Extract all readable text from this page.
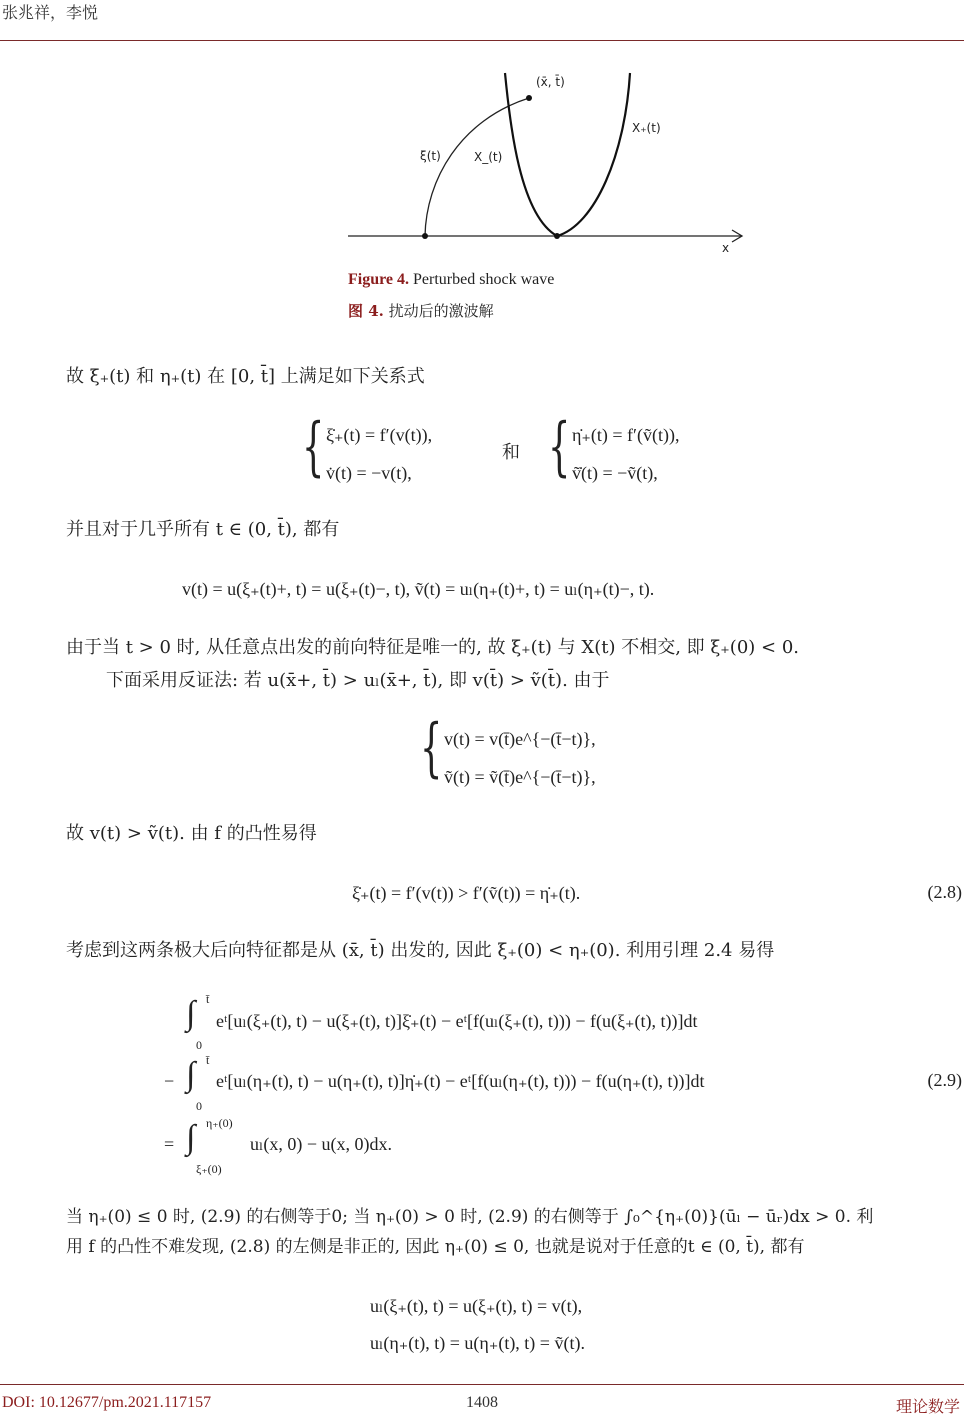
张兆祥，李悦
(x̄, t̄)
ξ(t)	X_(t)
X₊(t)
x
Figure 4. Perturbed shock wave
图 4. 扰动后的激波解
故 ξ₊(t) 和 η₊(t) 在 [0, t̄] 上满足如下关系式
{ ξ̇₊(t) = f′(v(t)),
v̇(t) = −v(t),
和 { η̇₊(t) = f′(ṽ(t)),
ṽ̇(t) = −ṽ(t),
并且对于几乎所有 t ∈ (0, t̄), 都有
v(t) = u(ξ₊(t)+, t) = u(ξ₊(t)−, t), ṽ(t) = uₗ(η₊(t)+, t) = uₗ(η₊(t)−, t).
由于当 t > 0 时, 从任意点出发的前向特征是唯一的, 故 ξ₊(t) 与 X(t) 不相交, 即 ξ₊(0) < 0.
下面采用反证法: 若 u(x̄+, t̄) > uₗ(x̄+, t̄), 即 v(t̄) > ṽ(t̄). 由于
{ v(t) = v(t̄)e^{−(t̄−t)},
ṽ(t) = ṽ(t̄)e^{−(t̄−t)},
故 v(t) > ṽ(t). 由 f 的凸性易得
ξ̇₊(t) = f′(v(t)) > f′(ṽ(t)) = η̇₊(t).	(2.8)
考虑到这两条极大后向特征都是从 (x̄, t̄) 出发的, 因此 ξ₊(0) < η₊(0). 利用引理 2.4 易得
∫ t̄
0
eᵗ[uₗ(ξ₊(t), t) − u(ξ₊(t), t)]ξ̇₊(t) − eᵗ[f(uₗ(ξ₊(t), t))) − f(u(ξ₊(t), t))]dt
− ∫ t̄
0
eᵗ[uₗ(η₊(t), t) − u(η₊(t), t)]η̇₊(t) − eᵗ[f(uₗ(η₊(t), t))) − f(u(η₊(t), t))]dt	(2.9)
= ∫ η₊(0)
ξ₊(0)
uₗ(x, 0) − u(x, 0)dx.
当 η₊(0) ≤ 0 时, (2.9) 的右侧等于0; 当 η₊(0) > 0 时, (2.9) 的右侧等于 ∫₀^{η₊(0)}(ūₗ − ūᵣ)dx > 0. 利
用 f 的凸性不难发现, (2.8) 的左侧是非正的, 因此 η₊(0) ≤ 0, 也就是说对于任意的t ∈ (0, t̄), 都有
uₗ(ξ₊(t), t) = u(ξ₊(t), t) = v(t),
uₗ(η₊(t), t) = u(η₊(t), t) = ṽ(t).
DOI: 10.12677/pm.2021.117157	1408	理论数学
